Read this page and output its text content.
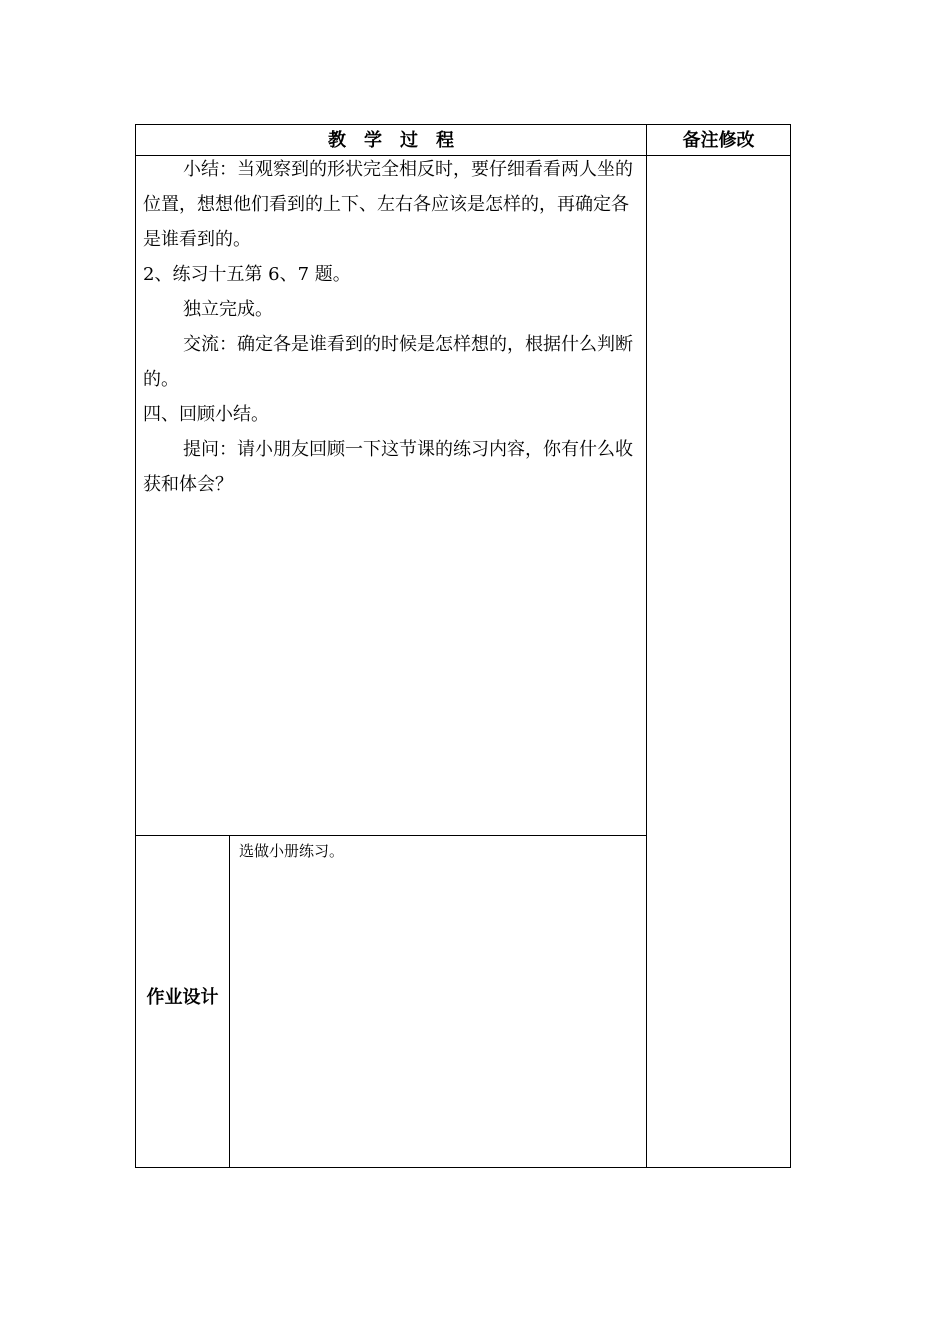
教　学　过　程	备注修改

小结：当观察到的形状完全相反时，要仔细看看两人坐的位置，想想他们看到的上下、左右各应该是怎样的，再确定各是谁看到的。

2、练习十五第 6、7 题。

独立完成。

交流：确定各是谁看到的时候是怎样想的，根据什么判断的。

四、回顾小结。

提问：请小朋友回顾一下这节课的练习内容，你有什么收获和体会？

作业设计
选做小册练习。
